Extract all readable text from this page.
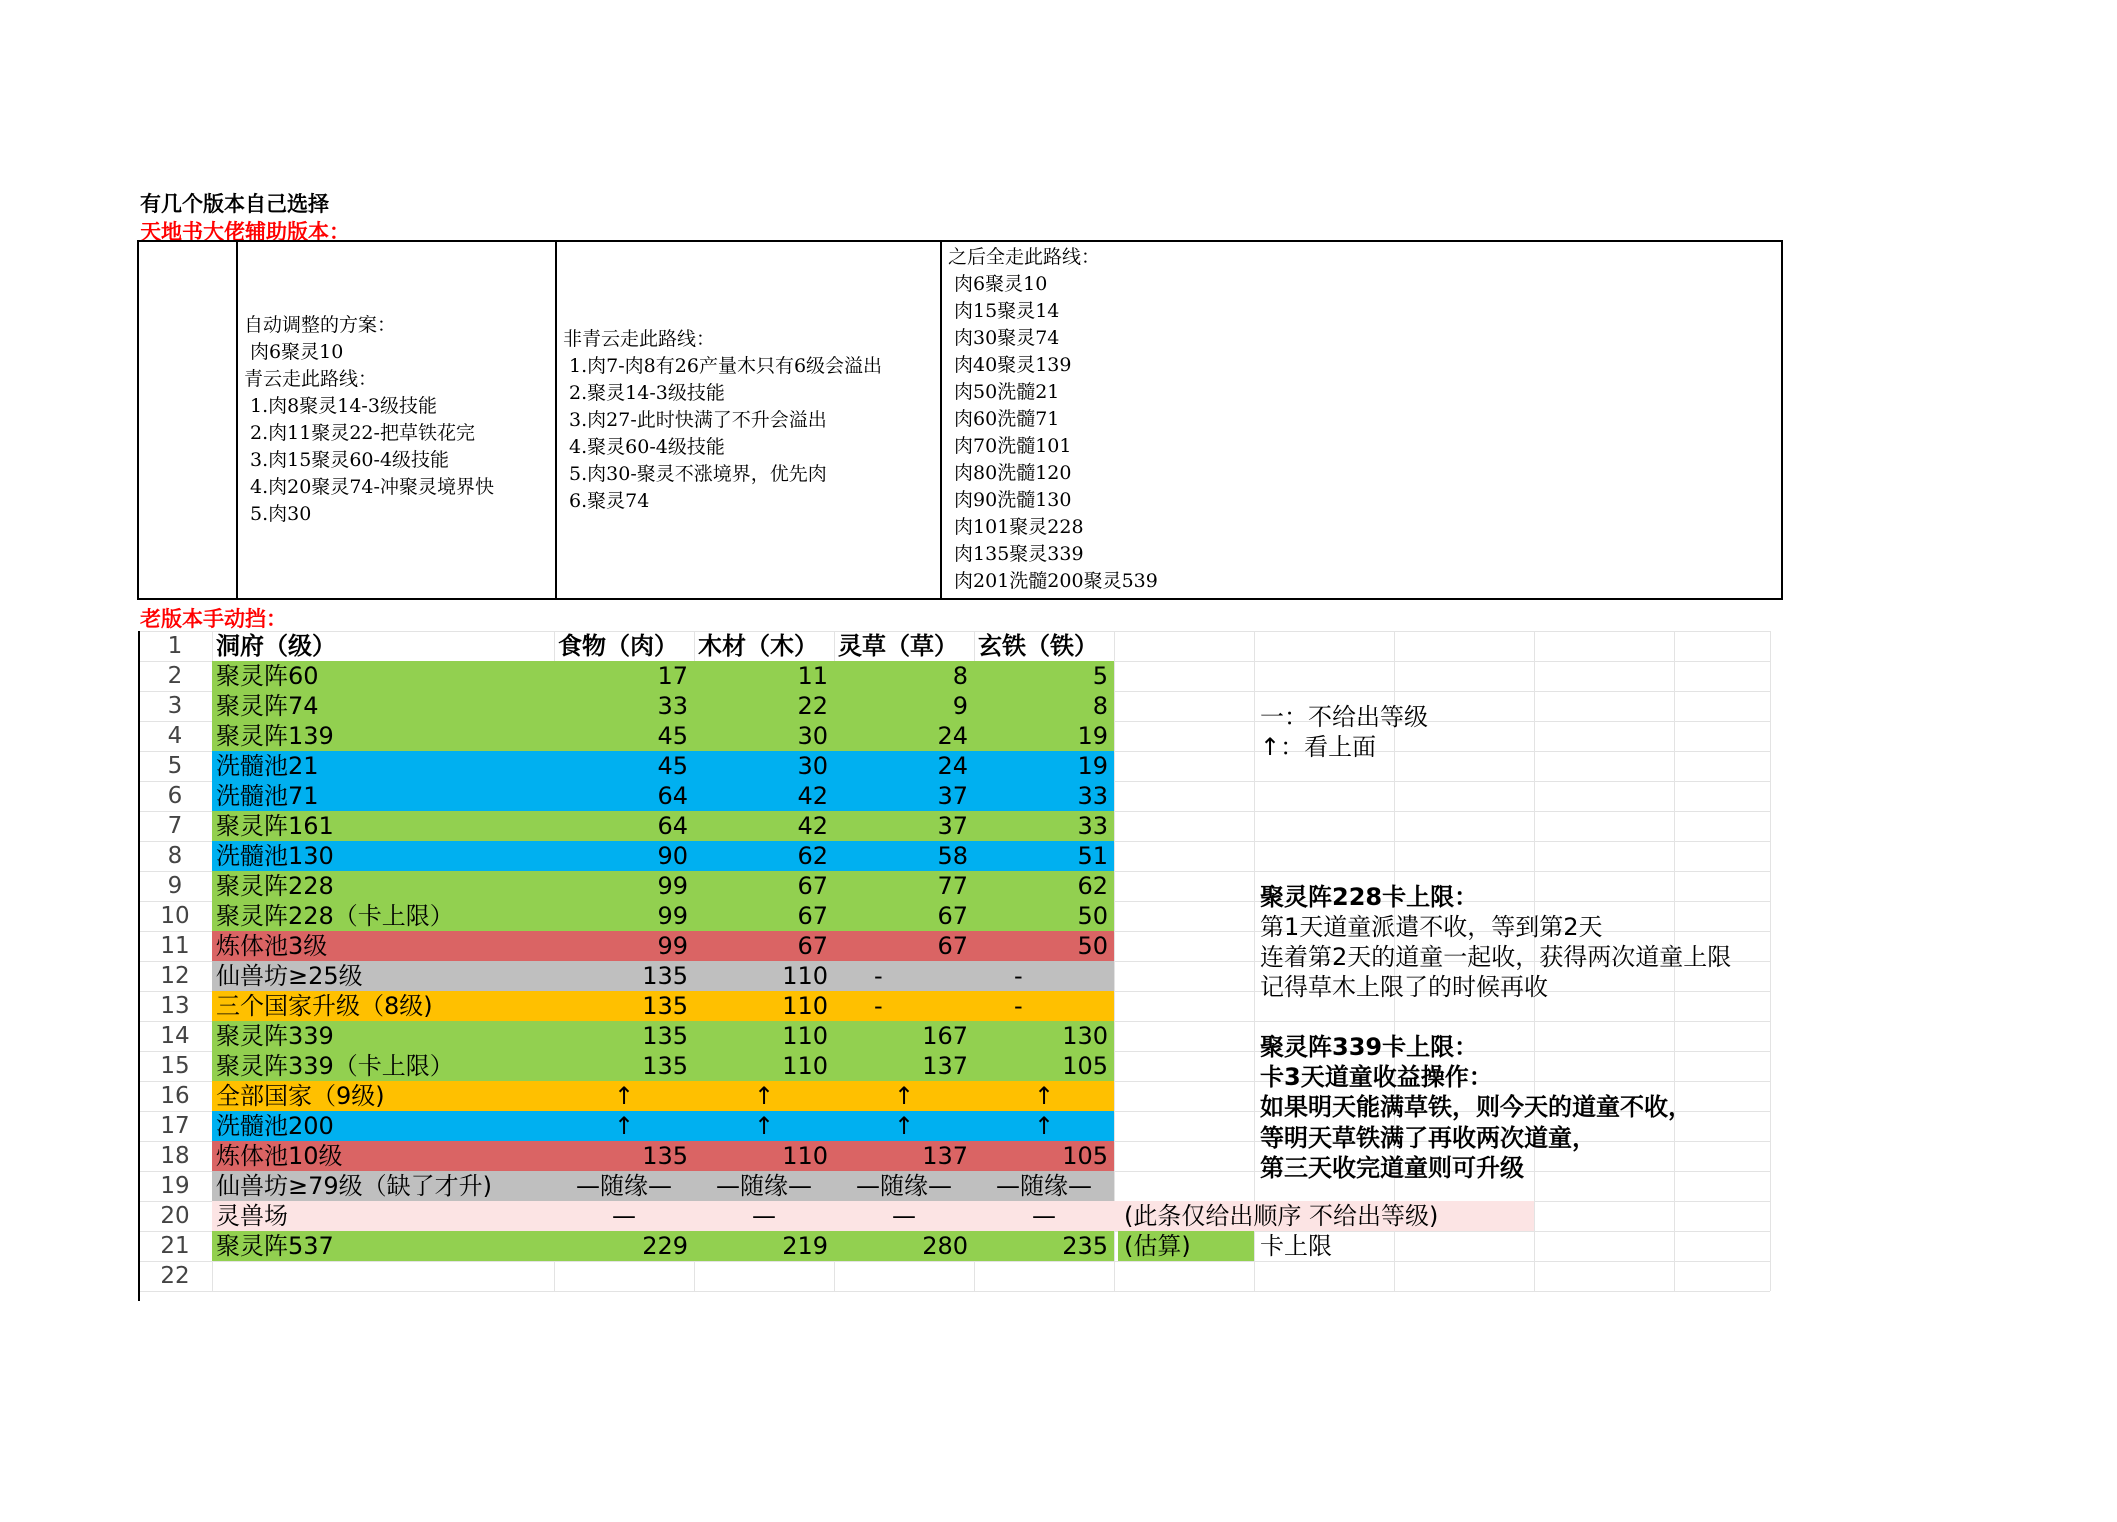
有几个版本自己选择
天地书大佬辅助版本：
自动调整的方案：
肉6聚灵10
青云走此路线：
1.肉8聚灵14-3级技能
2.肉11聚灵22-把草铁花完
3.肉15聚灵60-4级技能
4.肉20聚灵74-冲聚灵境界快
5.肉30
非青云走此路线：
1.肉7-肉8有26产量木只有6级会溢出
2.聚灵14-3级技能
3.肉27-此时快满了不升会溢出
4.聚灵60-4级技能
5.肉30-聚灵不涨境界，优先肉
6.聚灵74
之后全走此路线：
肉6聚灵10
肉15聚灵14
肉30聚灵74
肉40聚灵139
肉50洗髓21
肉60洗髓71
肉70洗髓101
肉80洗髓120
肉90洗髓130
肉101聚灵228
肉135聚灵339
肉201洗髓200聚灵539
老版本手动挡：
1	洞府（级）	食物（肉） 木材（木） 灵草（草） 玄铁（铁）
2	聚灵阵60	17	11	8	5
3	聚灵阵74	33	22	9	8
4	聚灵阵139	45	30	24	19
5	洗髓池21	45	30	24	19
6	洗髓池71	64	42	37	33
7	聚灵阵161	64	42	37	33
8	洗髓池130	90	62	58	51
9	聚灵阵228	99	67	77	62
10	聚灵阵228（卡上限）	99	67	67	50
11	炼体池3级	99	67	67	50
12	仙兽坊≥25级	135	110	-	-
13	三个国家升级（8级)	135	110	-	-
14	聚灵阵339	135	110	167	130
15	聚灵阵339（卡上限）	135	110	137	105
16	全部国家（9级)	↑	↑	↑	↑
17	洗髓池200	↑	↑	↑	↑
18	炼体池10级	135	110	137	105
19	仙兽坊≥79级（缺了才升)	—随缘—	—随缘—	—随缘—	—随缘—
20	灵兽场	—	—	—	—	(此条仅给出顺序 不给出等级)
21	聚灵阵537	229	219	280	235 (估算)	卡上限
22
一：不给出等级
↑：看上面
聚灵阵228卡上限：
第1天道童派遣不收，等到第2天
连着第2天的道童一起收，获得两次道童上限
记得草木上限了的时候再收
聚灵阵339卡上限：
卡3天道童收益操作：
如果明天能满草铁，则今天的道童不收，
等明天草铁满了再收两次道童，
第三天收完道童则可升级
